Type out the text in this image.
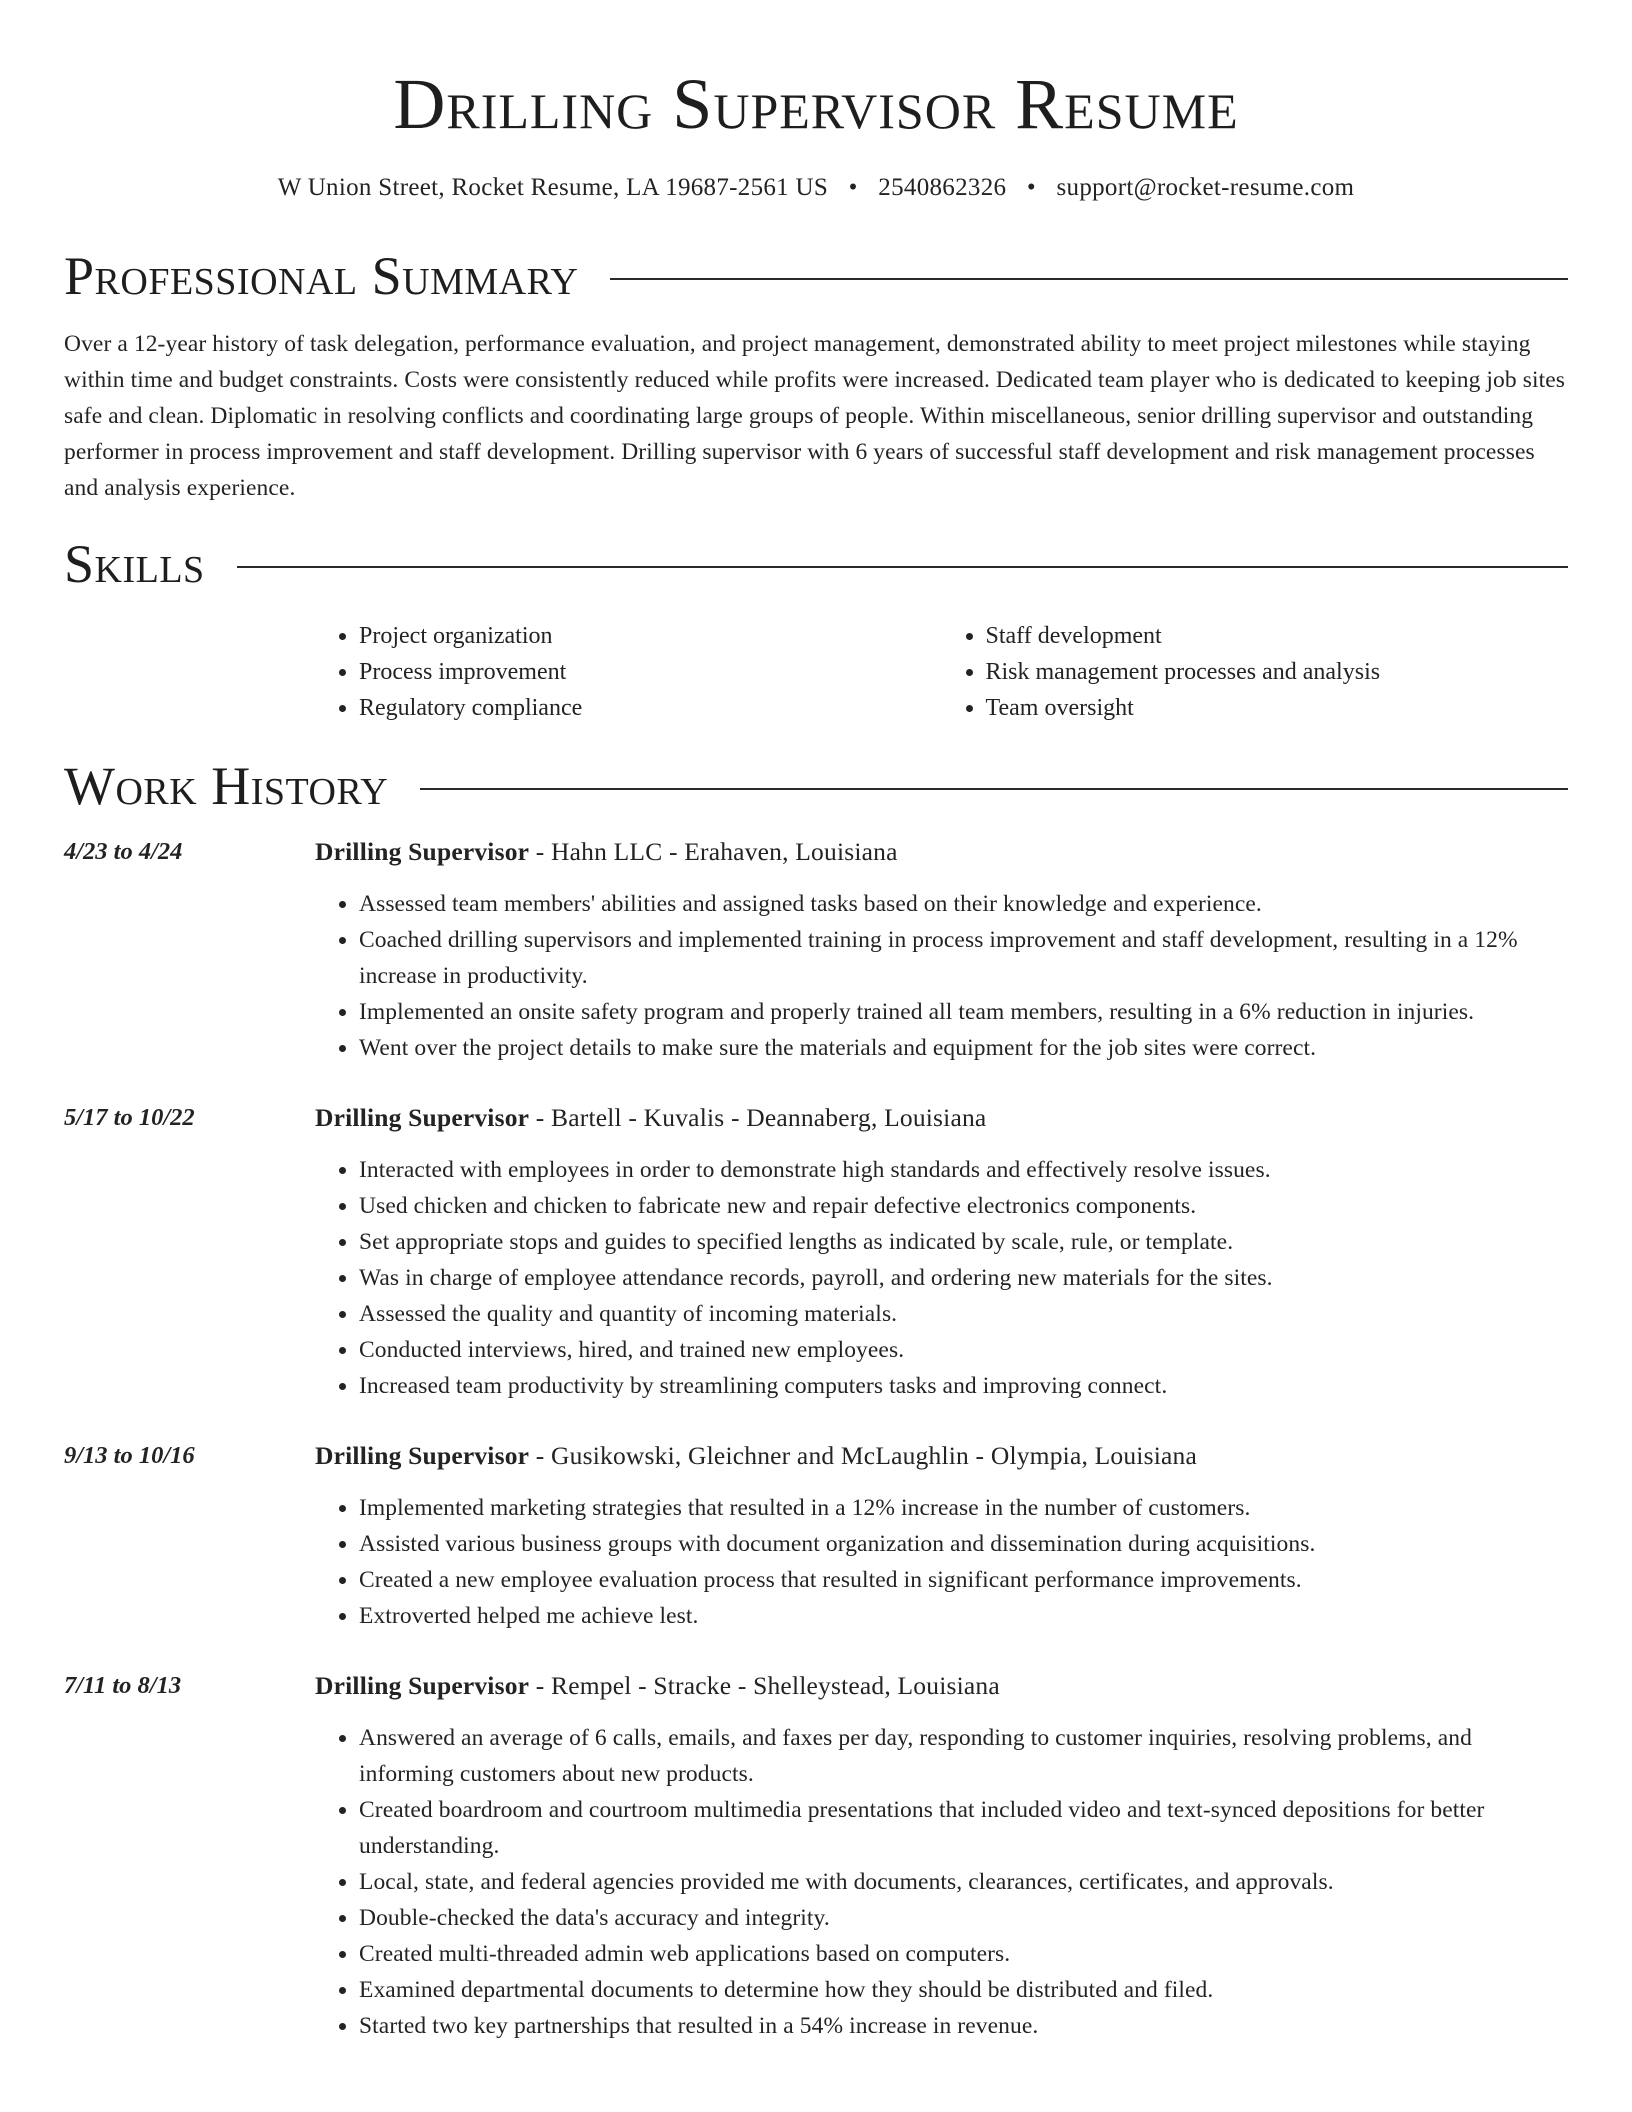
Drilling Supervisor Resume
W Union Street, Rocket Resume, LA 19687-2561 US • 2540862326 • support@rocket-resume.com
Professional Summary

Over a 12-year history of task delegation, performance evaluation, and project management, demonstrated ability to meet project milestones while staying within time and budget constraints. Costs were consistently reduced while profits were increased. Dedicated team player who is dedicated to keeping job sites safe and clean. Diplomatic in resolving conflicts and coordinating large groups of people. Within miscellaneous, senior drilling supervisor and outstanding performer in process improvement and staff development. Drilling supervisor with 6 years of successful staff development and risk management processes and analysis experience.

Skills
• Project organization
• Process improvement
• Regulatory compliance
• Staff development
• Risk management processes and analysis
• Team oversight
Work History
4/23 to 4/24	Drilling Supervisor - Hahn LLC - Erahaven, Louisiana
• Assessed team members' abilities and assigned tasks based on their knowledge and experience.
• Coached drilling supervisors and implemented training in process improvement and staff development, resulting in a 12% increase in productivity.
• Implemented an onsite safety program and properly trained all team members, resulting in a 6% reduction in injuries.
• Went over the project details to make sure the materials and equipment for the job sites were correct.
5/17 to 10/22	Drilling Supervisor - Bartell - Kuvalis - Deannaberg, Louisiana
• Interacted with employees in order to demonstrate high standards and effectively resolve issues.
• Used chicken and chicken to fabricate new and repair defective electronics components.
• Set appropriate stops and guides to specified lengths as indicated by scale, rule, or template.
• Was in charge of employee attendance records, payroll, and ordering new materials for the sites.
• Assessed the quality and quantity of incoming materials.
• Conducted interviews, hired, and trained new employees.
• Increased team productivity by streamlining computers tasks and improving connect.
9/13 to 10/16	Drilling Supervisor - Gusikowski, Gleichner and McLaughlin - Olympia, Louisiana
• Implemented marketing strategies that resulted in a 12% increase in the number of customers.
• Assisted various business groups with document organization and dissemination during acquisitions.
• Created a new employee evaluation process that resulted in significant performance improvements.
• Extroverted helped me achieve lest.
7/11 to 8/13	Drilling Supervisor - Rempel - Stracke - Shelleystead, Louisiana
• Answered an average of 6 calls, emails, and faxes per day, responding to customer inquiries, resolving problems, and informing customers about new products.
• Created boardroom and courtroom multimedia presentations that included video and text-synced depositions for better understanding.
• Local, state, and federal agencies provided me with documents, clearances, certificates, and approvals.
• Double-checked the data's accuracy and integrity.
• Created multi-threaded admin web applications based on computers.
• Examined departmental documents to determine how they should be distributed and filed.
• Started two key partnerships that resulted in a 54% increase in revenue.
